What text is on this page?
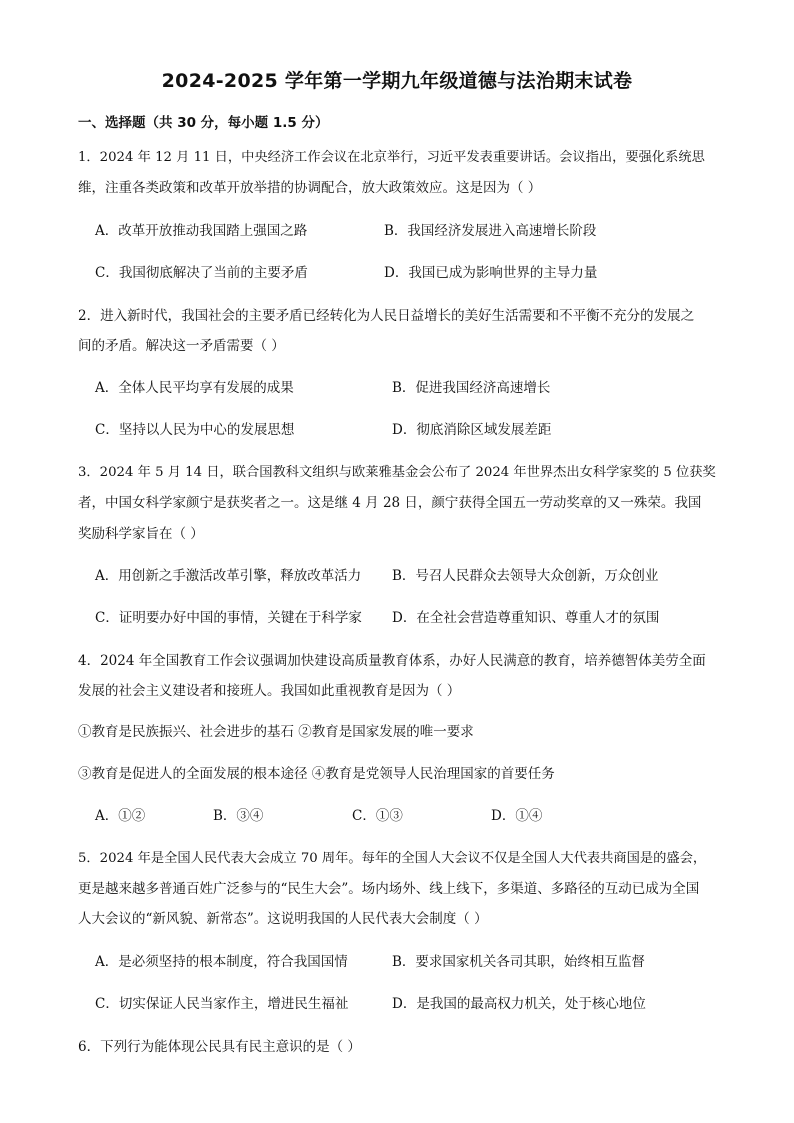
2024-2025 学年第一学期九年级道德与法治期末试卷
一、选择题（共 30 分，每小题 1.5 分）
1．2024 年 12 月 11 日，中央经济工作会议在北京举行，习近平发表重要讲话。会议指出，要强化系统思
维，注重各类政策和改革开放举措的协调配合，放大政策效应。这是因为（ ）
A．改革开放推动我国踏上强国之路	B．我国经济发展进入高速增长阶段
C．我国彻底解决了当前的主要矛盾	D．我国已成为影响世界的主导力量
2．进入新时代，我国社会的主要矛盾已经转化为人民日益增长的美好生活需要和不平衡不充分的发展之
间的矛盾。解决这一矛盾需要（ ）
A．全体人民平均享有发展的成果	B．促进我国经济高速增长
C．坚持以人民为中心的发展思想	D．彻底消除区域发展差距
3．2024 年 5 月 14 日，联合国教科文组织与欧莱雅基金会公布了 2024 年世界杰出女科学家奖的 5 位获奖
者，中国女科学家颜宁是获奖者之一。这是继 4 月 28 日，颜宁获得全国五一劳动奖章的又一殊荣。我国
奖励科学家旨在（ ）
A．用创新之手激活改革引擎，释放改革活力 B．号召人民群众去领导大众创新，万众创业
C．证明要办好中国的事情，关键在于科学家 D．在全社会营造尊重知识、尊重人才的氛围
4．2024 年全国教育工作会议强调加快建设高质量教育体系，办好人民满意的教育，培养德智体美劳全面
发展的社会主义建设者和接班人。我国如此重视教育是因为（ ）
①教育是民族振兴、社会进步的基石 ②教育是国家发展的唯一要求
③教育是促进人的全面发展的根本途径 ④教育是党领导人民治理国家的首要任务
A．①②	B．③④	C．①③	D．①④
5．2024 年是全国人民代表大会成立 70 周年。每年的全国人大会议不仅是全国人大代表共商国是的盛会，
更是越来越多普通百姓广泛参与的“民生大会”。场内场外、线上线下，多渠道、多路径的互动已成为全国
人大会议的“新风貌、新常态”。这说明我国的人民代表大会制度（ ）
A．是必须坚持的根本制度，符合我国国情	B．要求国家机关各司其职，始终相互监督
C．切实保证人民当家作主，增进民生福祉	D．是我国的最高权力机关，处于核心地位
6．下列行为能体现公民具有民主意识的是（ ）
